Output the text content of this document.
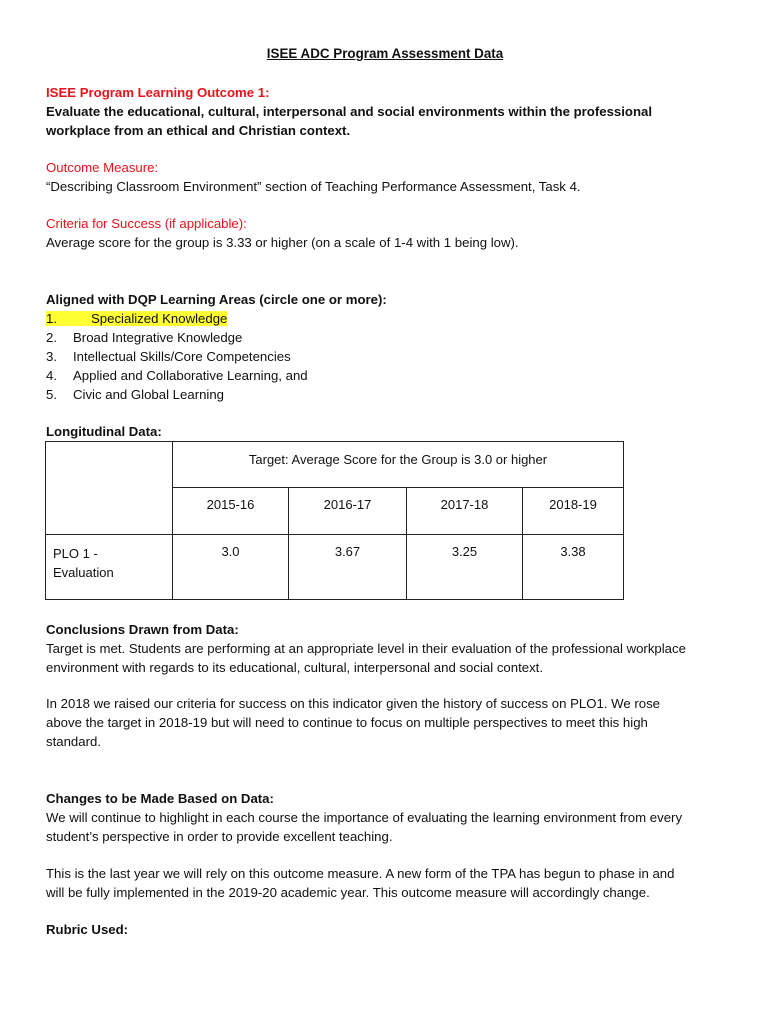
ISEE ADC Program Assessment Data
ISEE Program Learning Outcome 1:
Evaluate the educational, cultural, interpersonal and social environments within the professional
workplace from an ethical and Christian context.
Outcome Measure:
“Describing Classroom Environment” section of Teaching Performance Assessment, Task 4.
Criteria for Success (if applicable):
Average score for the group is 3.33 or higher (on a scale of 1-4 with 1 being low).
Aligned with DQP Learning Areas (circle one or more):
1.	Specialized Knowledge
2. Broad Integrative Knowledge
3. Intellectual Skills/Core Competencies
4. Applied and Collaborative Learning, and
5. Civic and Global Learning
Longitudinal Data:
	Target: Average Score for the Group is 3.0 or higher			
	2015-16	2016-17	2017-18	2018-19

PLO 1 -
Evaluation	3.0	3.67	3.25	3.38
Conclusions Drawn from Data:
Target is met. Students are performing at an appropriate level in their evaluation of the professional workplace
environment with regards to its educational, cultural, interpersonal and social context.
In 2018 we raised our criteria for success on this indicator given the history of success on PLO1. We rose
above the target in 2018-19 but will need to continue to focus on multiple perspectives to meet this high
standard.
Changes to be Made Based on Data:
We will continue to highlight in each course the importance of evaluating the learning environment from every
student’s perspective in order to provide excellent teaching.
This is the last year we will rely on this outcome measure. A new form of the TPA has begun to phase in and
will be fully implemented in the 2019-20 academic year. This outcome measure will accordingly change.
Rubric Used:
